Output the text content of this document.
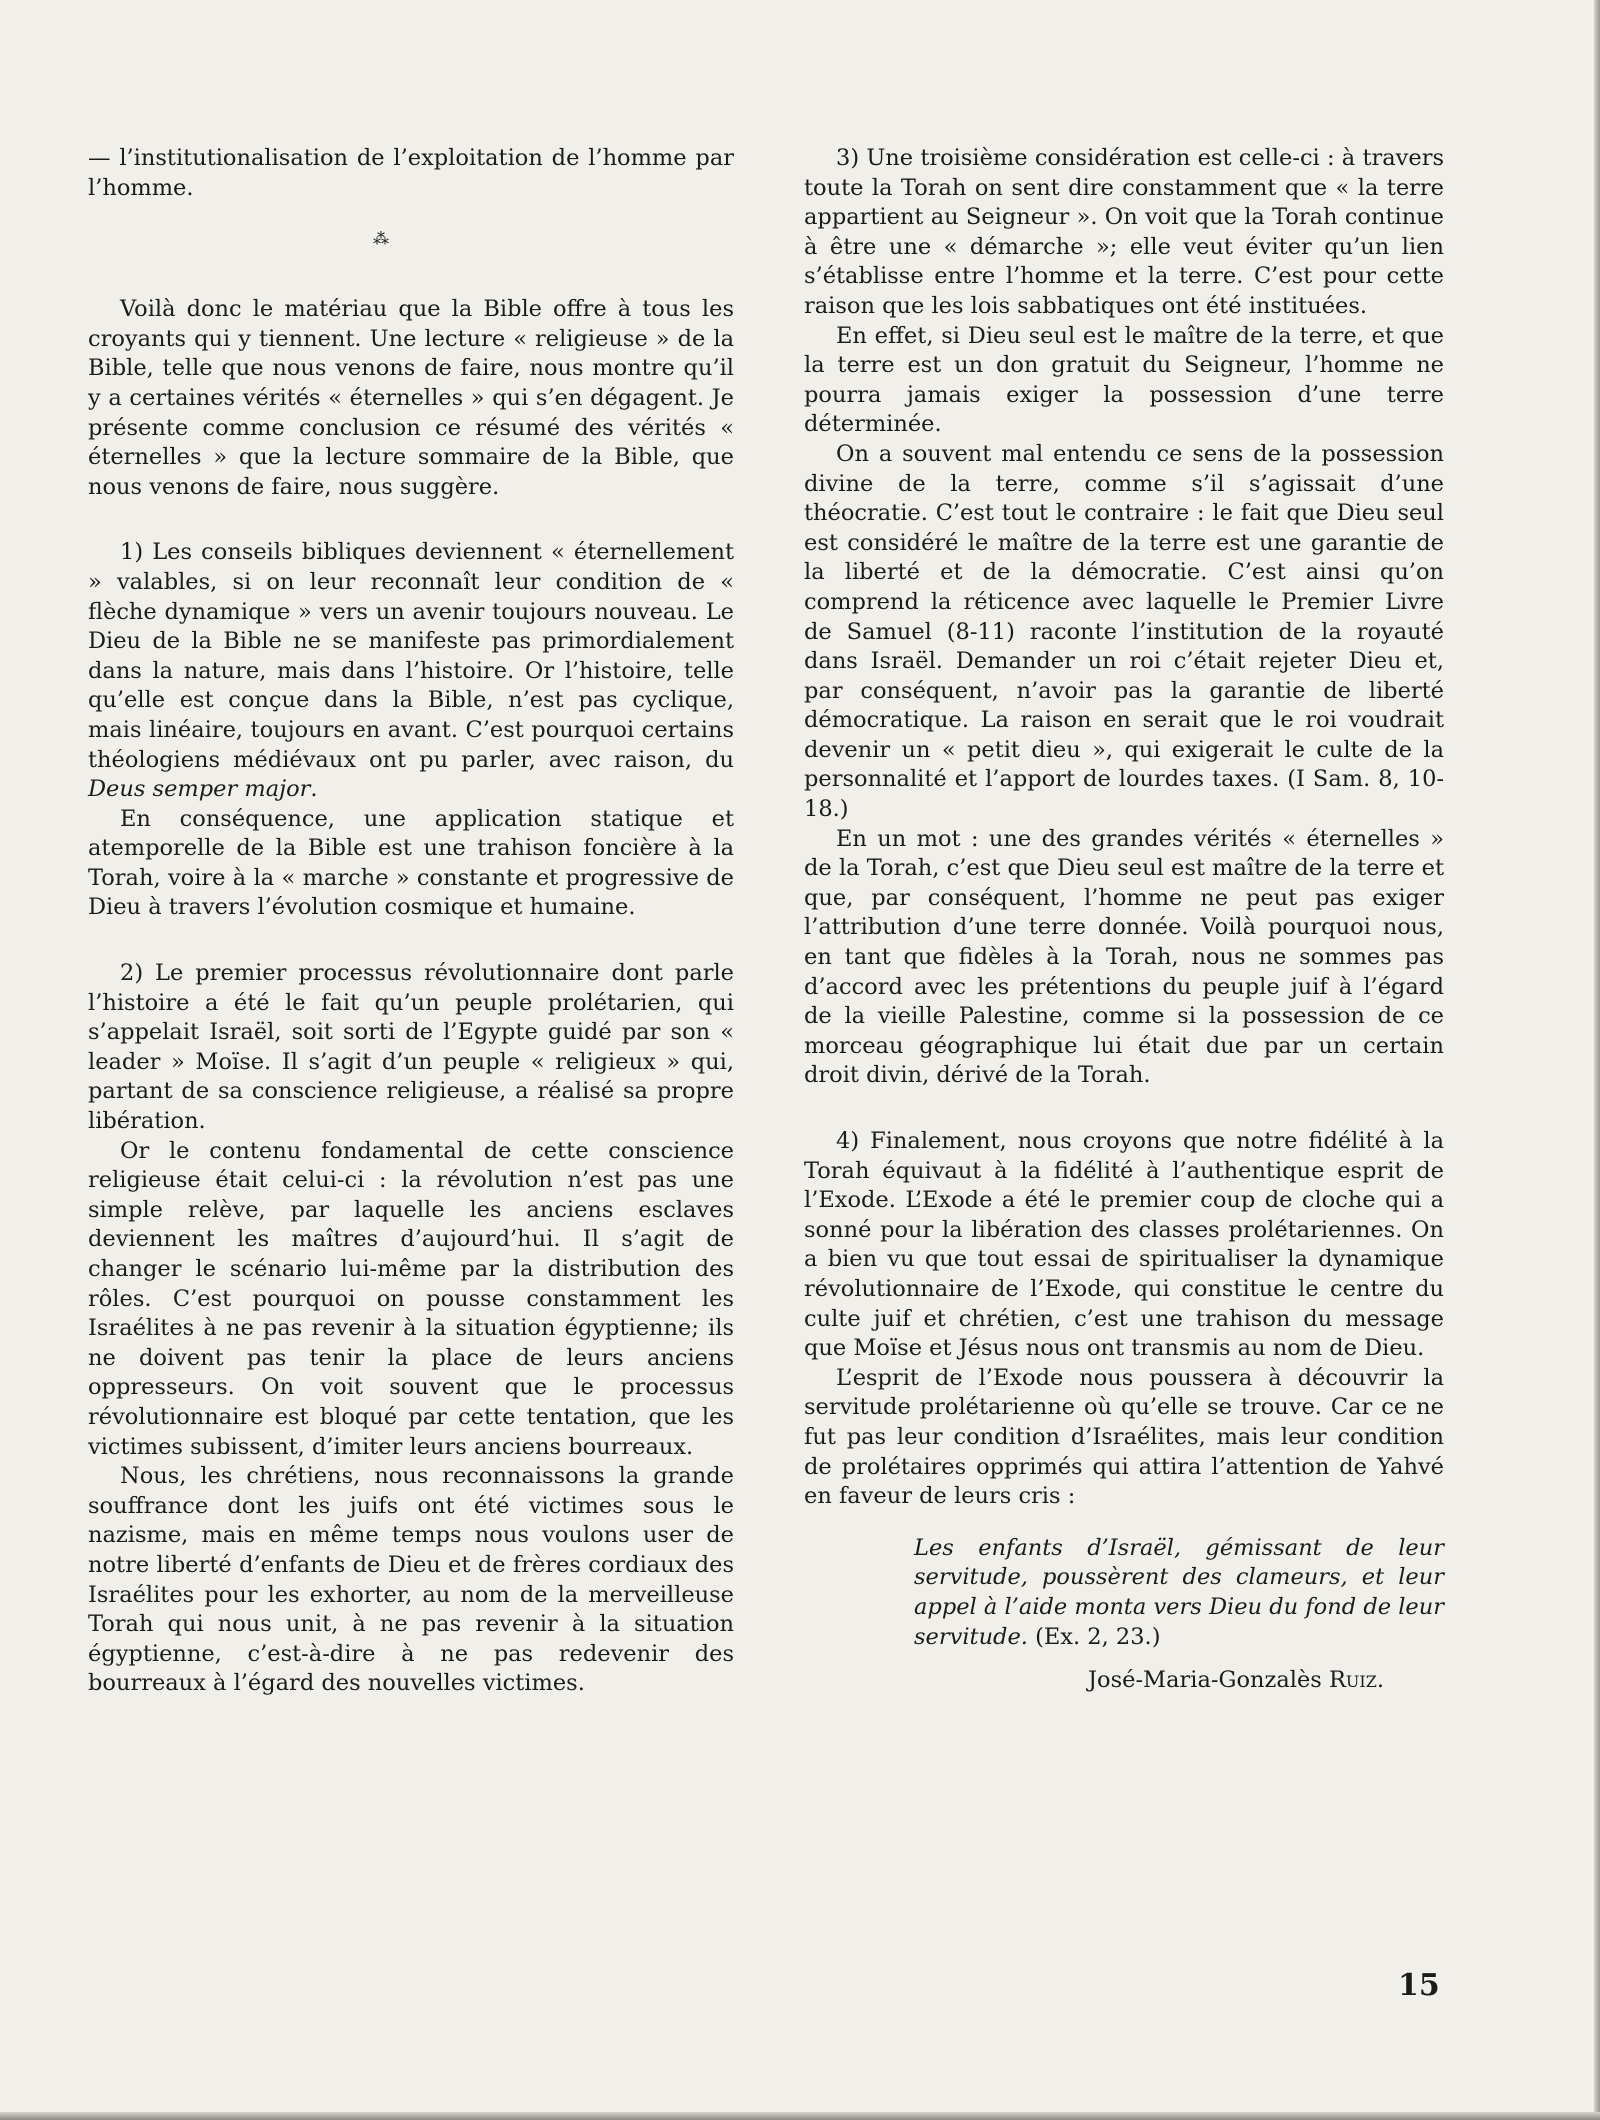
— l’institutionalisation de l’exploitation de l’homme par l’homme.

⁂

Voilà donc le matériau que la Bible offre à tous les croyants qui y tiennent. Une lecture « religieuse » de la Bible, telle que nous venons de faire, nous montre qu’il y a certaines vérités « éternelles » qui s’en dégagent. Je présente comme conclusion ce résumé des vérités « éternelles » que la lecture sommaire de la Bible, que nous venons de faire, nous suggère.

1) Les conseils bibliques deviennent « éternellement » valables, si on leur reconnaît leur condition de « flèche dynamique » vers un avenir toujours nouveau. Le Dieu de la Bible ne se manifeste pas primordialement dans la nature, mais dans l’histoire. Or l’histoire, telle qu’elle est conçue dans la Bible, n’est pas cyclique, mais linéaire, toujours en avant. C’est pourquoi certains théologiens médiévaux ont pu parler, avec raison, du Deus semper major.

En conséquence, une application statique et atemporelle de la Bible est une trahison foncière à la Torah, voire à la « marche » constante et progressive de Dieu à travers l’évolution cosmique et humaine.

2) Le premier processus révolutionnaire dont parle l’histoire a été le fait qu’un peuple prolétarien, qui s’appelait Israël, soit sorti de l’Egypte guidé par son « leader » Moïse. Il s’agit d’un peuple « religieux » qui, partant de sa conscience religieuse, a réalisé sa propre libération.

Or le contenu fondamental de cette conscience religieuse était celui-ci : la révolution n’est pas une simple relève, par laquelle les anciens esclaves deviennent les maîtres d’aujourd’hui. Il s’agit de changer le scénario lui-même par la distribution des rôles. C’est pourquoi on pousse constamment les Israélites à ne pas revenir à la situation égyptienne; ils ne doivent pas tenir la place de leurs anciens oppresseurs. On voit souvent que le processus révolutionnaire est bloqué par cette tentation, que les victimes subissent, d’imiter leurs anciens bourreaux.

Nous, les chrétiens, nous reconnaissons la grande souffrance dont les juifs ont été victimes sous le nazisme, mais en même temps nous voulons user de notre liberté d’enfants de Dieu et de frères cordiaux des Israélites pour les exhorter, au nom de la merveilleuse Torah qui nous unit, à ne pas revenir à la situation égyptienne, c’est-à-dire à ne pas redevenir des bourreaux à l’égard des nouvelles victimes.

3) Une troisième considération est celle-ci : à travers toute la Torah on sent dire constamment que « la terre appartient au Seigneur ». On voit que la Torah continue à être une « démarche »; elle veut éviter qu’un lien s’établisse entre l’homme et la terre. C’est pour cette raison que les lois sabbatiques ont été instituées.

En effet, si Dieu seul est le maître de la terre, et que la terre est un don gratuit du Seigneur, l’homme ne pourra jamais exiger la possession d’une terre déterminée.

On a souvent mal entendu ce sens de la possession divine de la terre, comme s’il s’agissait d’une théocratie. C’est tout le contraire : le fait que Dieu seul est considéré le maître de la terre est une garantie de la liberté et de la démocratie. C’est ainsi qu’on comprend la réticence avec laquelle le Premier Livre de Samuel (8-11) raconte l’institution de la royauté dans Israël. Demander un roi c’était rejeter Dieu et, par conséquent, n’avoir pas la garantie de liberté démocratique. La raison en serait que le roi voudrait devenir un « petit dieu », qui exigerait le culte de la personnalité et l’apport de lourdes taxes. (I Sam. 8, 10-18.)

En un mot : une des grandes vérités « éternelles » de la Torah, c’est que Dieu seul est maître de la terre et que, par conséquent, l’homme ne peut pas exiger l’attribution d’une terre donnée. Voilà pourquoi nous, en tant que fidèles à la Torah, nous ne sommes pas d’accord avec les prétentions du peuple juif à l’égard de la vieille Palestine, comme si la possession de ce morceau géographique lui était due par un certain droit divin, dérivé de la Torah.

4) Finalement, nous croyons que notre fidélité à la Torah équivaut à la fidélité à l’authentique esprit de l’Exode. L’Exode a été le premier coup de cloche qui a sonné pour la libération des classes prolétariennes. On a bien vu que tout essai de spiritualiser la dynamique révolutionnaire de l’Exode, qui constitue le centre du culte juif et chrétien, c’est une trahison du message que Moïse et Jésus nous ont transmis au nom de Dieu.

L’esprit de l’Exode nous poussera à découvrir la servitude prolétarienne où qu’elle se trouve. Car ce ne fut pas leur condition d’Israélites, mais leur condition de prolétaires opprimés qui attira l’attention de Yahvé en faveur de leurs cris :

Les enfants d’Israël, gémissant de leur servitude, poussèrent des clameurs, et leur appel à l’aide monta vers Dieu du fond de leur servitude. (Ex. 2, 23.)

José-Maria-Gonzalès Ruiz.

15
